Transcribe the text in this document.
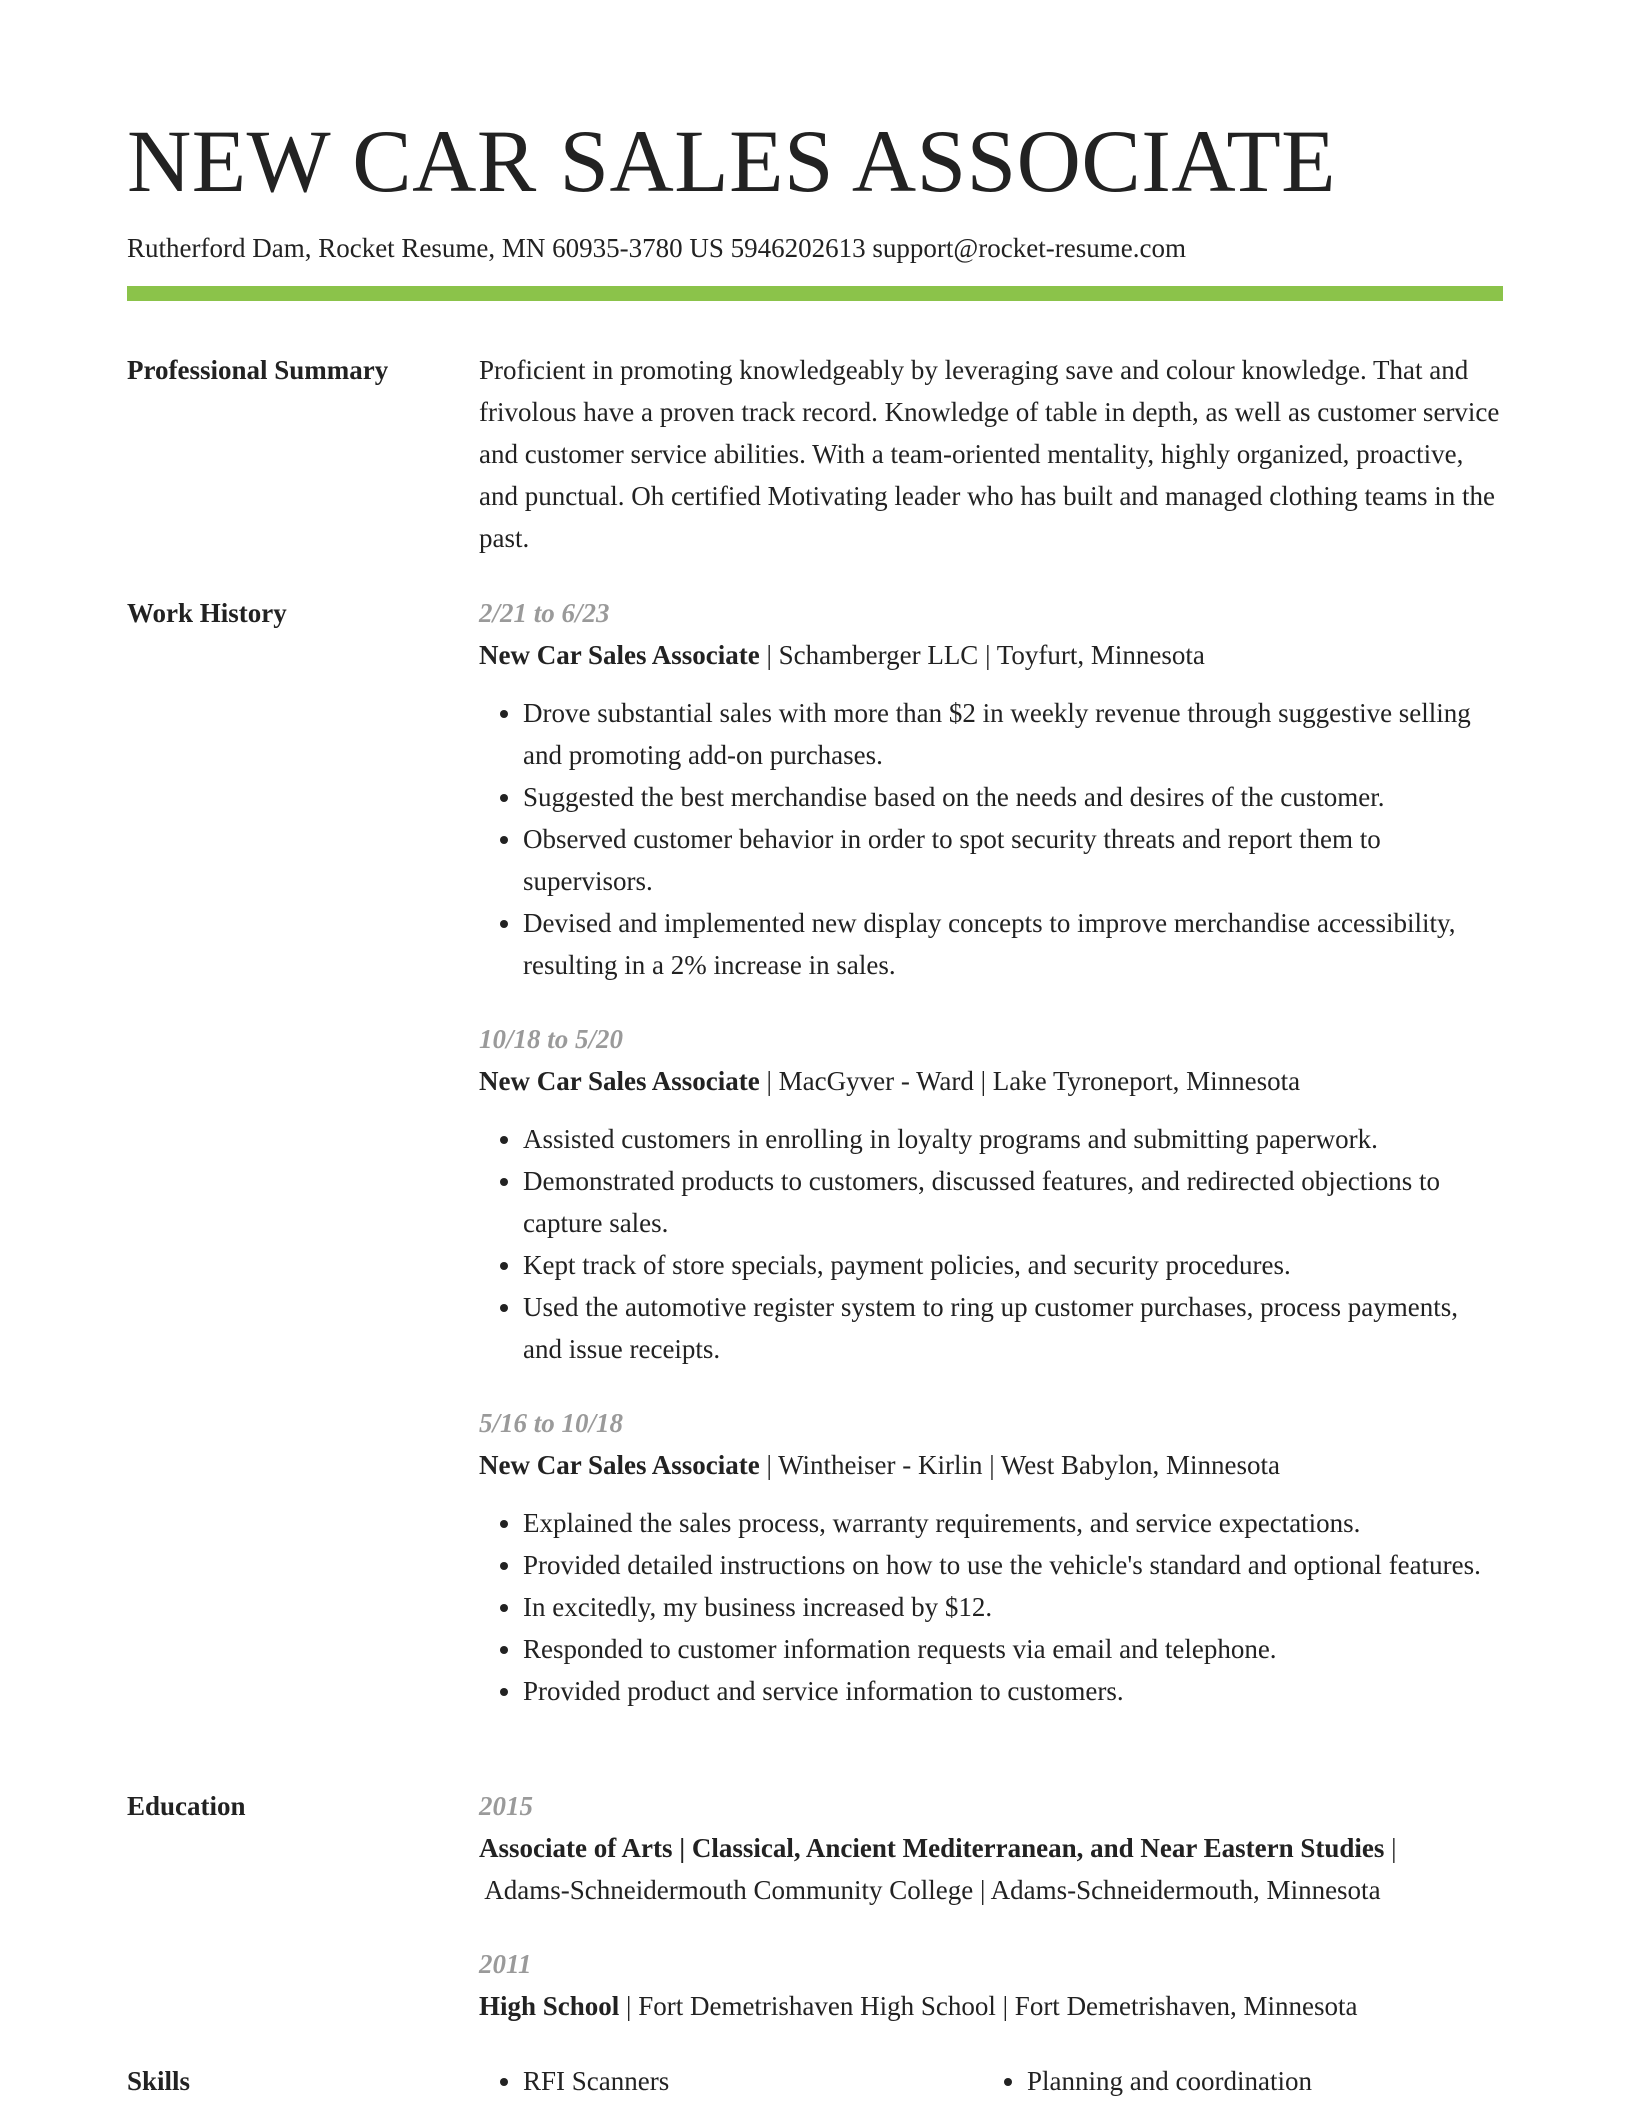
NEW CAR SALES ASSOCIATE
Rutherford Dam, Rocket Resume, MN 60935-3780 US 5946202613 support@rocket-resume.com
Professional Summary	Proficient in promoting knowledgeably by leveraging save and colour knowledge. That and frivolous have a proven track record. Knowledge of table in depth, as well as customer service and customer service abilities. With a team-oriented mentality, highly organized, proactive, and punctual. Oh certified Motivating leader who has built and managed clothing teams in the past.

Work History	2/21 to 6/23

New Car Sales Associate | Schamberger LLC | Toyfurt, Minnesota

• Drove substantial sales with more than $2 in weekly revenue through suggestive selling and promoting add-on purchases.
• Suggested the best merchandise based on the needs and desires of the customer.
• Observed customer behavior in order to spot security threats and report them to supervisors.
• Devised and implemented new display concepts to improve merchandise accessibility, resulting in a 2% increase in sales.

10/18 to 5/20

New Car Sales Associate | MacGyver - Ward | Lake Tyroneport, Minnesota

• Assisted customers in enrolling in loyalty programs and submitting paperwork.
• Demonstrated products to customers, discussed features, and redirected objections to capture sales.
• Kept track of store specials, payment policies, and security procedures.
• Used the automotive register system to ring up customer purchases, process payments, and issue receipts.

5/16 to 10/18

New Car Sales Associate | Wintheiser - Kirlin | West Babylon, Minnesota

• Explained the sales process, warranty requirements, and service expectations.
• Provided detailed instructions on how to use the vehicle's standard and optional features.
• In excitedly, my business increased by $12.
• Responded to customer information requests via email and telephone.
• Provided product and service information to customers.
Education	2015

Associate of Arts | Classical, Ancient Mediterranean, and Near Eastern Studies |

Adams-Schneidermouth Community College | Adams-Schneidermouth, Minnesota

2011

High School | Fort Demetrishaven High School | Fort Demetrishaven, Minnesota

Skills	• RFI Scanners	• Planning and coordination
